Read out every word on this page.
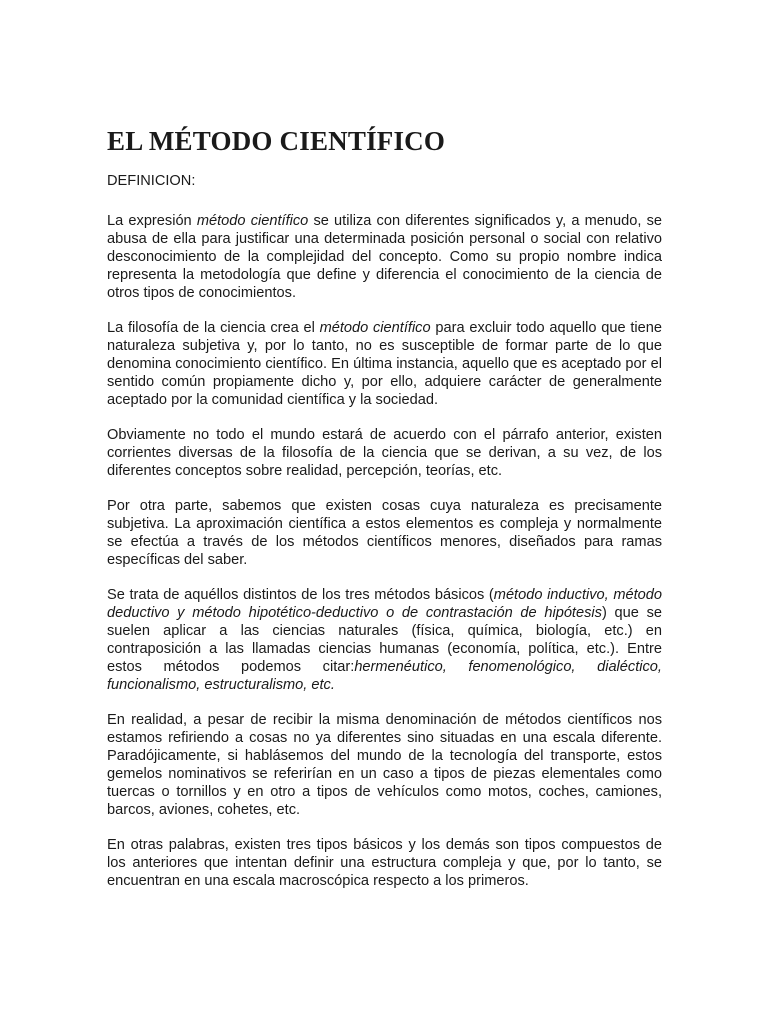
EL MÉTODO CIENTÍFICO
DEFINICION:

La expresión método científico se utiliza con diferentes significados y, a menudo, se abusa de ella para justificar una determinada posición personal o social con relativo desconocimiento de la complejidad del concepto. Como su propio nombre indica representa la metodología que define y diferencia el conocimiento de la ciencia de otros tipos de conocimientos.

La filosofía de la ciencia crea el método científico para excluir todo aquello que tiene naturaleza subjetiva y, por lo tanto, no es susceptible de formar parte de lo que denomina conocimiento científico. En última instancia, aquello que es aceptado por el sentido común propiamente dicho y, por ello, adquiere carácter de generalmente aceptado por la comunidad científica y la sociedad.

Obviamente no todo el mundo estará de acuerdo con el párrafo anterior, existen corrientes diversas de la filosofía de la ciencia que se derivan, a su vez, de los diferentes conceptos sobre realidad, percepción, teorías, etc.

Por otra parte, sabemos que existen cosas cuya naturaleza es precisamente subjetiva. La aproximación científica a estos elementos es compleja y normalmente se efectúa a través de los métodos científicos menores, diseñados para ramas específicas del saber.

Se trata de aquéllos distintos de los tres métodos básicos (método inductivo, método deductivo y método hipotético-deductivo o de contrastación de hipótesis) que se suelen aplicar a las ciencias naturales (física, química, biología, etc.) en contraposición a las llamadas ciencias humanas (economía, política, etc.). Entre estos métodos podemos citar:hermenéutico, fenomenológico, dialéctico, funcionalismo, estructuralismo, etc.

En realidad, a pesar de recibir la misma denominación de métodos científicos nos estamos refiriendo a cosas no ya diferentes sino situadas en una escala diferente. Paradójicamente, si hablásemos del mundo de la tecnología del transporte, estos gemelos nominativos se referirían en un caso a tipos de piezas elementales como tuercas o tornillos y en otro a tipos de vehículos como motos, coches, camiones, barcos, aviones, cohetes, etc.

En otras palabras, existen tres tipos básicos y los demás son tipos compuestos de los anteriores que intentan definir una estructura compleja y que, por lo tanto, se encuentran en una escala macroscópica respecto a los primeros.
